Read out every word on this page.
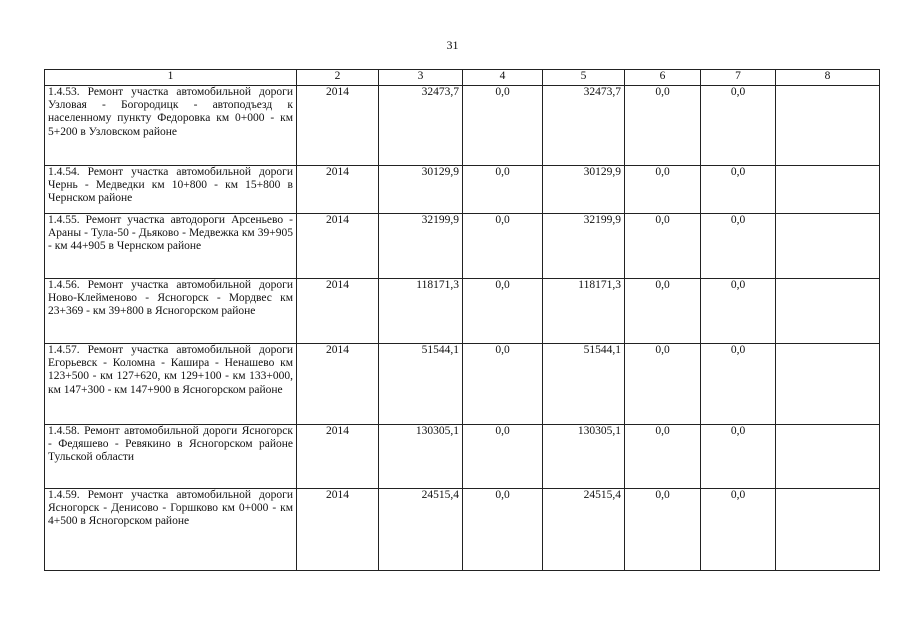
31
1	2	3	4	5	6	7	8
1.4.53. Ремонт участка автомобильной дороги Узловая - Богородицк - автоподъезд к населенному пункту Федоровка км 0+000 - км 5+200 в Узловском районе	2014	32473,7	0,0	32473,7	0,0	0,0	
1.4.54. Ремонт участка автомобильной дороги Чернь - Медведки км 10+800 - км 15+800 в Чернском районе	2014	30129,9	0,0	30129,9	0,0	0,0	
1.4.55. Ремонт участка автодороги Арсеньево - Араны - Тула-50 - Дьяково - Медвежка км 39+905 - км 44+905 в Чернском районе	2014	32199,9	0,0	32199,9	0,0	0,0	
1.4.56. Ремонт участка автомобильной дороги Ново-Клейменово - Ясногорск - Мордвес км 23+369 - км 39+800 в Ясногорском районе	2014	118171,3	0,0	118171,3	0,0	0,0	
1.4.57. Ремонт участка автомобильной дороги Егорьевск - Коломна - Кашира - Ненашево км 123+500 - км 127+620, км 129+100 - км 133+000, км 147+300 - км 147+900 в Ясногорском районе	2014	51544,1	0,0	51544,1	0,0	0,0	
1.4.58. Ремонт автомобильной дороги Ясногорск - Федяшево - Ревякино в Ясногорском районе Тульской области	2014	130305,1	0,0	130305,1	0,0	0,0	
1.4.59. Ремонт участка автомобильной дороги Ясногорск - Денисово - Горшково км 0+000 - км 4+500 в Ясногорском районе	2014	24515,4	0,0	24515,4	0,0	0,0	
